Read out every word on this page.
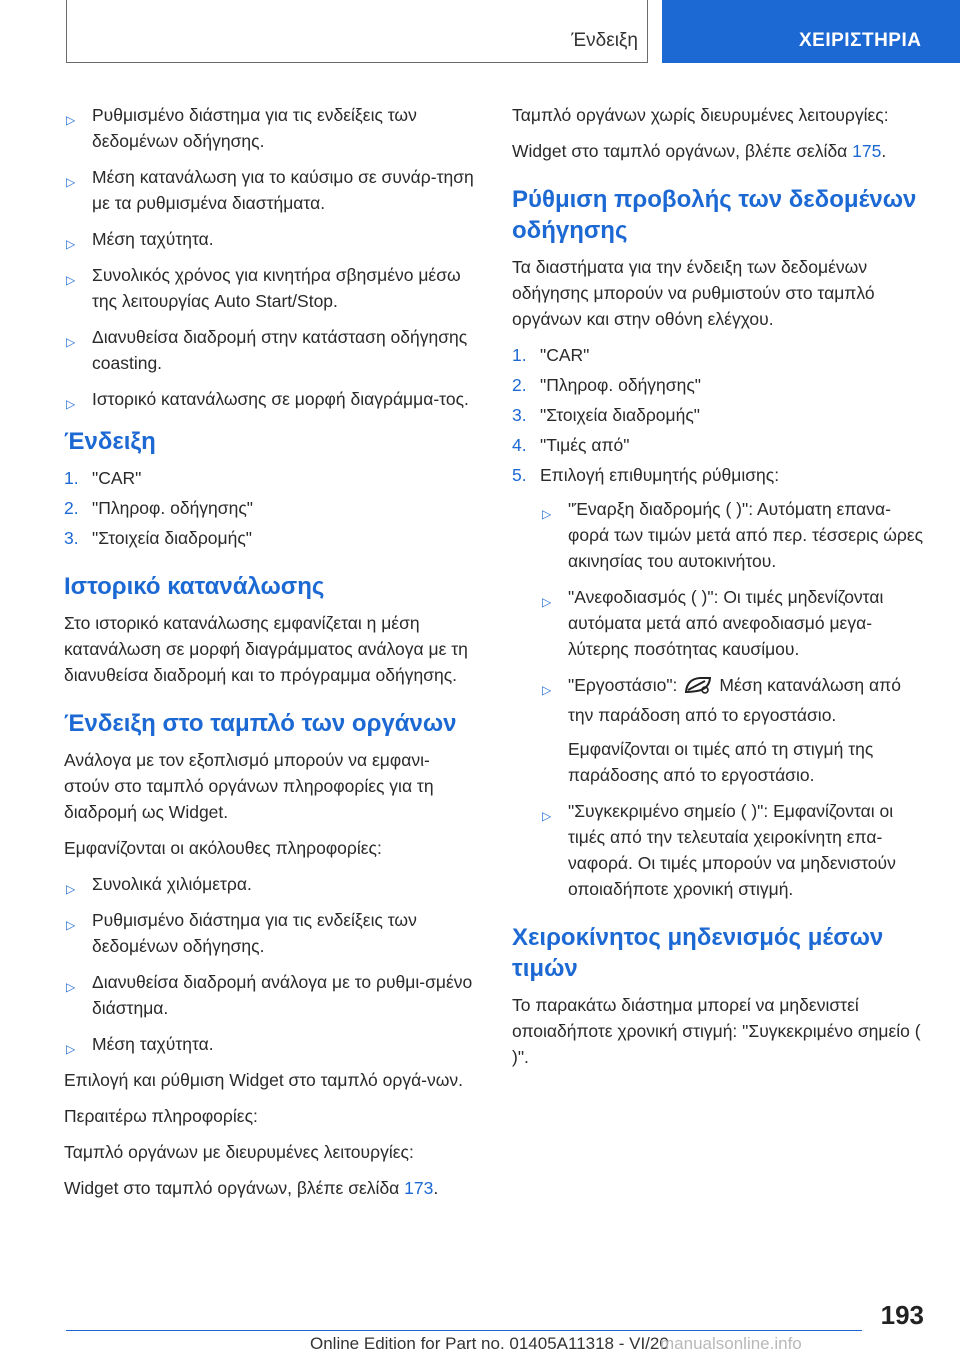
Ένδειξη	ΧΕΙΡΙΣΤΗΡΙΑ
▷ Ρυθμισμένο διάστημα για τις ενδείξεις των δεδομένων οδήγησης.
▷ Μέση κατανάλωση για το καύσιμο σε συνάρ-τηση με τα ρυθμισμένα διαστήματα.
▷ Μέση ταχύτητα.
▷ Συνολικός χρόνος για κινητήρα σβησμένο μέσω της λειτουργίας Auto Start/Stop.
▷ Διανυθείσα διαδρομή στην κατάσταση οδήγησης coasting.
▷ Ιστορικό κατανάλωσης σε μορφή διαγράμμα-τος.
Ένδειξη
1. "CAR"
2. "Πληροφ. οδήγησης"
3. "Στοιχεία διαδρομής"
Ιστορικό κατανάλωσης

Στο ιστορικό κατανάλωσης εμφανίζεται η μέση κατανάλωση σε μορφή διαγράμματος ανάλογα με τη διανυθείσα διαδρομή και το πρόγραμμα οδήγησης.

Ένδειξη στο ταμπλό των οργάνων

Ανάλογα με τον εξοπλισμό μπορούν να εμφανι-στούν στο ταμπλό οργάνων πληροφορίες για τη διαδρομή ως Widget.

Εμφανίζονται οι ακόλουθες πληροφορίες:

▷ Συνολικά χιλιόμετρα.
▷ Ρυθμισμένο διάστημα για τις ενδείξεις των δεδομένων οδήγησης.
▷ Διανυθείσα διαδρομή ανάλογα με το ρυθμι-σμένο διάστημα.
▷ Μέση ταχύτητα.

Επιλογή και ρύθμιση Widget στο ταμπλό οργά-νων.

Περαιτέρω πληροφορίες:

Ταμπλό οργάνων με διευρυμένες λειτουργίες:

Widget στο ταμπλό οργάνων, βλέπε σελίδα 173.

Ταμπλό οργάνων χωρίς διευρυμένες λειτουργίες:

Widget στο ταμπλό οργάνων, βλέπε σελίδα 175.

Ρύθμιση προβολής των δεδομένων οδήγησης

Τα διαστήματα για την ένδειξη των δεδομένων οδήγησης μπορούν να ρυθμιστούν στο ταμπλό οργάνων και στην οθόνη ελέγχου.

1. "CAR"
2. "Πληροφ. οδήγησης"
3. "Στοιχεία διαδρομής"
4. "Τιμές από"
5. Επιλογή επιθυμητής ρύθμισης:
▷ "Έναρξη διαδρομής ( )": Αυτόματη επανα-φορά των τιμών μετά από περ. τέσσερις ώρες ακινησίας του αυτοκινήτου.
▷ "Ανεφοδιασμός ( )": Οι τιμές μηδενίζονται αυτόματα μετά από ανεφοδιασμό μεγα-λύτερης ποσότητας καυσίμου.
▷ "Εργοστάσιο": Μέση κατανάλωση από την παράδοση από το εργοστάσιο.

Εμφανίζονται οι τιμές από τη στιγμή της παράδοσης από το εργοστάσιο.

▷ "Συγκεκριμένο σημείο ( )": Εμφανίζονται οι τιμές από την τελευταία χειροκίνητη επα-ναφορά. Οι τιμές μπορούν να μηδενιστούν οποιαδήποτε χρονική στιγμή.
Χειροκίνητος μηδενισμός μέσων τιμών

Το παρακάτω διάστημα μπορεί να μηδενιστεί οποιαδήποτε χρονική στιγμή: "Συγκεκριμένο σημείο ( )".

193
Online Edition for Part no. 01405A11318 - VI/20
manualsonline.info
